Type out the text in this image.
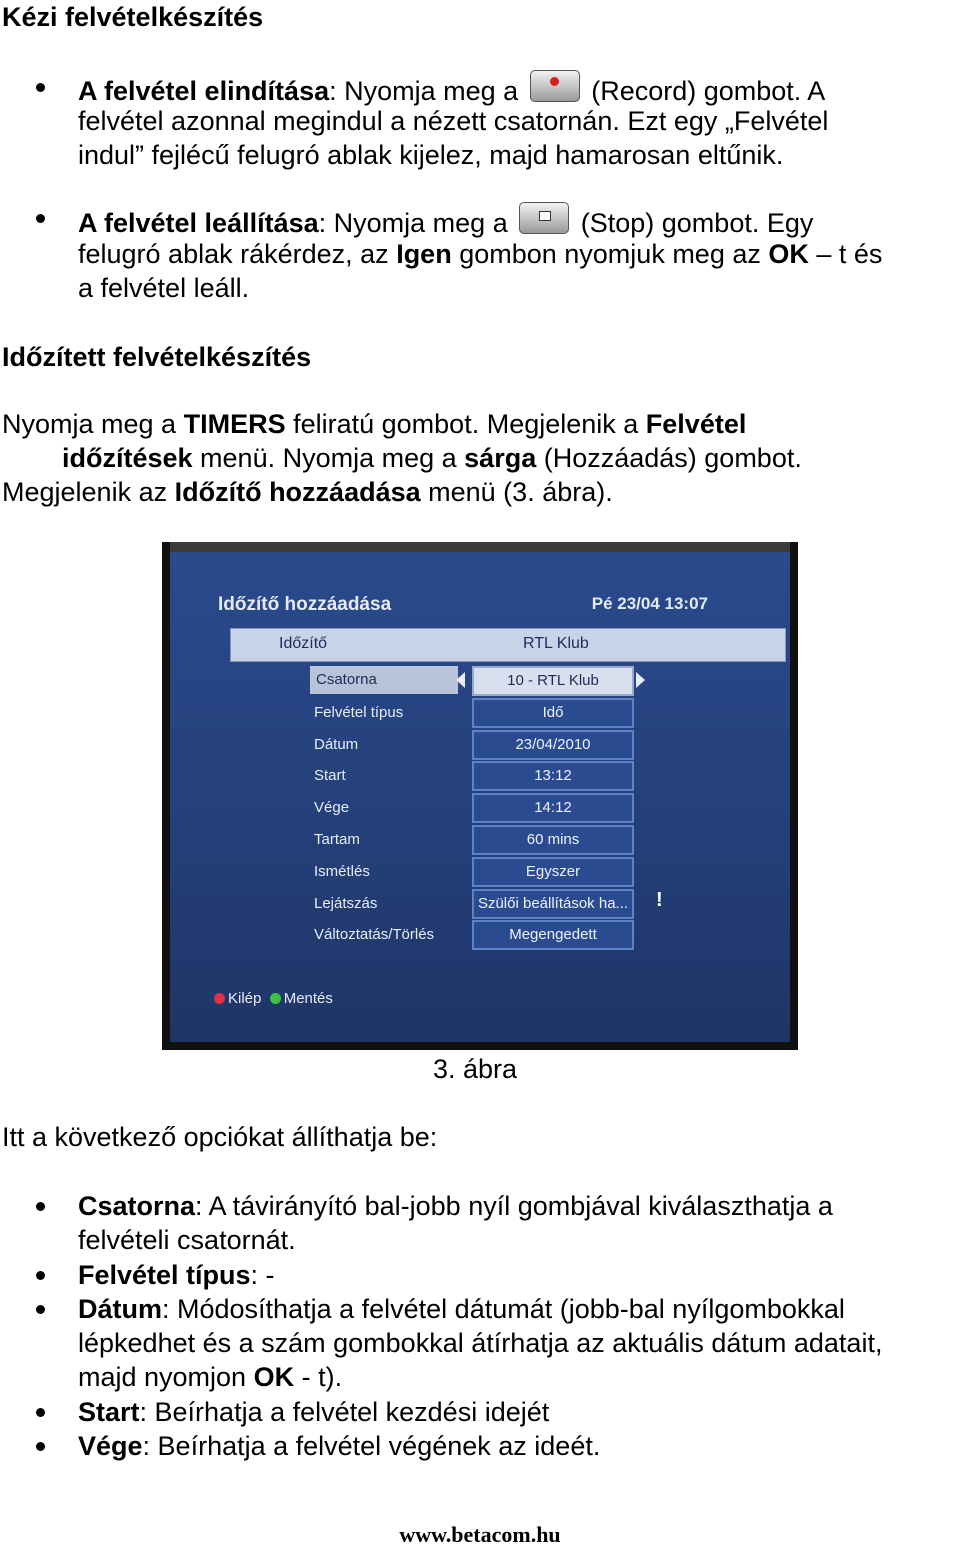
Kézi felvételkészítés
A felvétel elindítása: Nyomja meg a	(Record) gombot. A
felvétel azonnal megindul a nézett csatornán. Ezt egy „Felvétel
indul” fejlécű felugró ablak kijelez, majd hamarosan eltűnik.
A felvétel leállítása: Nyomja meg a	(Stop) gombot. Egy
felugró ablak rákérdez, az Igen gombon nyomjuk meg az OK – t és
a felvétel leáll.
Időzített felvételkészítés
Nyomja meg a TIMERS feliratú gombot. Megjelenik a Felvétel
időzítések menü. Nyomja meg a sárga (Hozzáadás) gombot.
Megjelenik az Időzítő hozzáadása menü (3. ábra).
Időzítő hozzáadása	Pé 23/04 13:07
Időzítő	RTL Klub
Csatorna	10 - RTL Klub
Felvétel típus	Idő
Dátum	23/04/2010
Start	13:12
Vége	14:12
Tartam	60 mins
Ismétlés	Egyszer
Lejátszás	Szülői beállítások ha...
Változtatás/Törlés	Megengedett
!
Kilép Mentés
3. ábra
Itt a következő opciókat állíthatja be:
Csatorna: A távirányító bal-jobb nyíl gombjával kiválaszthatja a
felvételi csatornát.
Felvétel típus: -
Dátum: Módosíthatja a felvétel dátumát (jobb-bal nyílgombokkal
lépkedhet és a szám gombokkal átírhatja az aktuális dátum adatait,
majd nyomjon OK - t).
Start: Beírhatja a felvétel kezdési idejét
Vége: Beírhatja a felvétel végének az ideét.
www.betacom.hu
